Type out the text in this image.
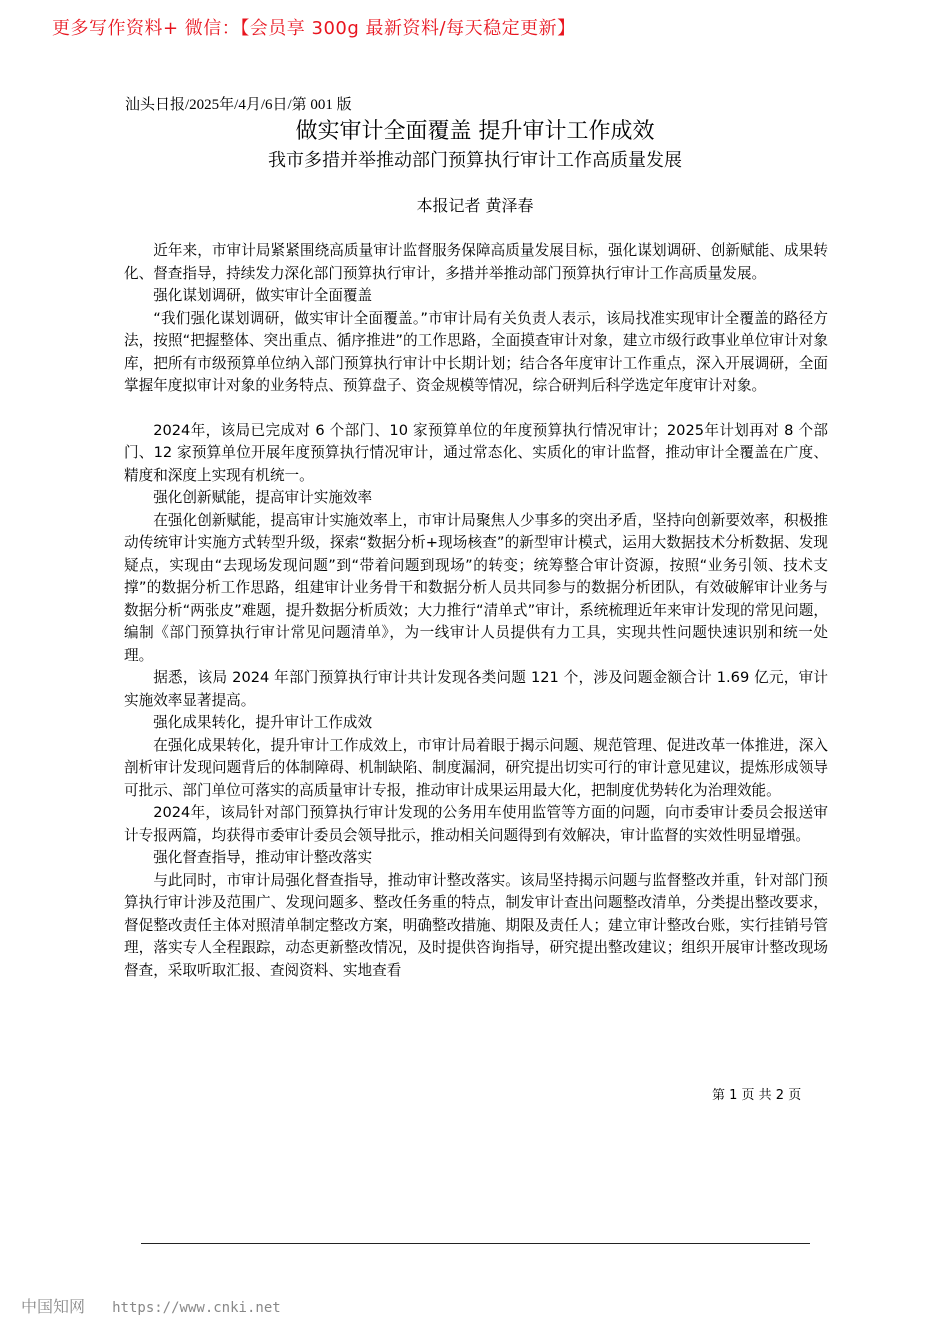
更多写作资料+ 微信：【会员享 300g 最新资料/每天稳定更新】
汕头日报/2025年/4月/6日/第 001 版
做实审计全面覆盖 提升审计工作成效
我市多措并举推动部门预算执行审计工作高质量发展
本报记者 黄泽春

近年来，市审计局紧紧围绕高质量审计监督服务保障高质量发展目标，强化谋划调研、创新赋能、成果转化、督查指导，持续发力深化部门预算执行审计，多措并举推动部门预算执行审计工作高质量发展。

强化谋划调研，做实审计全面覆盖

“我们强化谋划调研，做实审计全面覆盖。”市审计局有关负责人表示，该局找准实现审计全覆盖的路径方法，按照“把握整体、突出重点、循序推进”的工作思路，全面摸查审计对象，建立市级行政事业单位审计对象库，把所有市级预算单位纳入部门预算执行审计中长期计划；结合各年度审计工作重点，深入开展调研，全面掌握年度拟审计对象的业务特点、预算盘子、资金规模等情况，综合研判后科学选定年度审计对象。

2024年，该局已完成对 6 个部门、10 家预算单位的年度预算执行情况审计；2025年计划再对 8 个部门、12 家预算单位开展年度预算执行情况审计，通过常态化、实质化的审计监督，推动审计全覆盖在广度、精度和深度上实现有机统一。

强化创新赋能，提高审计实施效率

在强化创新赋能，提高审计实施效率上，市审计局聚焦人少事多的突出矛盾，坚持向创新要效率，积极推动传统审计实施方式转型升级，探索“数据分析+现场核查”的新型审计模式，运用大数据技术分析数据、发现疑点，实现由“去现场发现问题”到“带着问题到现场”的转变；统筹整合审计资源，按照“业务引领、技术支撑”的数据分析工作思路，组建审计业务骨干和数据分析人员共同参与的数据分析团队，有效破解审计业务与数据分析“两张皮”难题，提升数据分析质效；大力推行“清单式”审计，系统梳理近年来审计发现的常见问题，编制《部门预算执行审计常见问题清单》，为一线审计人员提供有力工具，实现共性问题快速识别和统一处理。

据悉，该局 2024 年部门预算执行审计共计发现各类问题 121 个，涉及问题金额合计 1.69 亿元，审计实施效率显著提高。

强化成果转化，提升审计工作成效

在强化成果转化，提升审计工作成效上，市审计局着眼于揭示问题、规范管理、促进改革一体推进，深入剖析审计发现问题背后的体制障碍、机制缺陷、制度漏洞，研究提出切实可行的审计意见建议，提炼形成领导可批示、部门单位可落实的高质量审计专报，推动审计成果运用最大化，把制度优势转化为治理效能。

2024年，该局针对部门预算执行审计发现的公务用车使用监管等方面的问题，向市委审计委员会报送审计专报两篇，均获得市委审计委员会领导批示，推动相关问题得到有效解决，审计监督的实效性明显增强。

强化督查指导，推动审计整改落实

与此同时，市审计局强化督查指导，推动审计整改落实。该局坚持揭示问题与监督整改并重，针对部门预算执行审计涉及范围广、发现问题多、整改任务重的特点，制发审计查出问题整改清单，分类提出整改要求，督促整改责任主体对照清单制定整改方案，明确整改措施、期限及责任人；建立审计整改台账，实行挂销号管理，落实专人全程跟踪，动态更新整改情况，及时提供咨询指导，研究提出整改建议；组织开展审计整改现场督查，采取听取汇报、查阅资料、实地查看

第 1 页 共 2 页
中国知网 https://www.cnki.net
